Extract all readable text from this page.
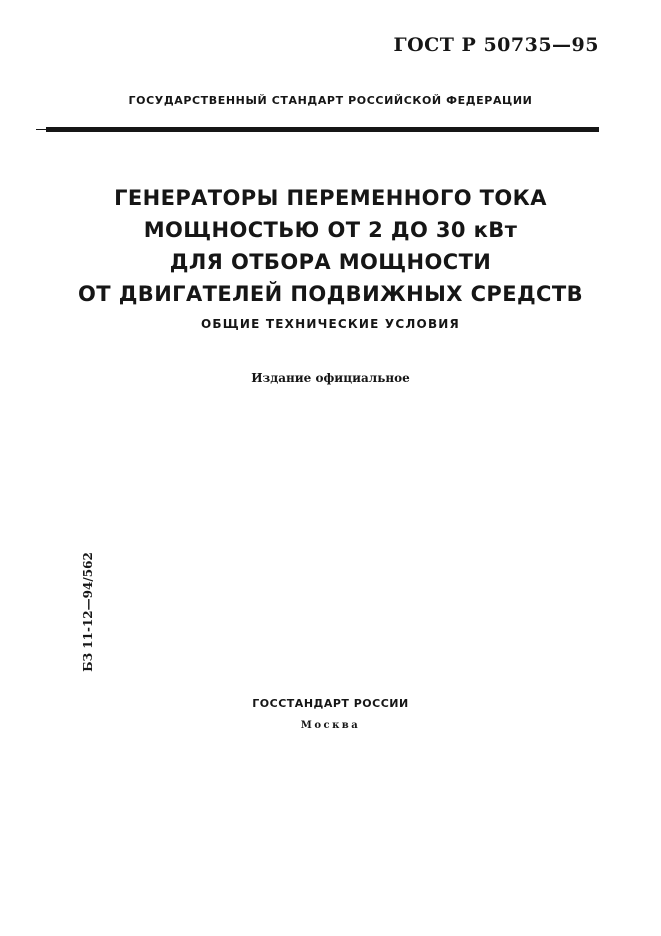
ГОСТ Р 50735—95
ГОСУДАРСТВЕННЫЙ СТАНДАРТ РОССИЙСКОЙ ФЕДЕРАЦИИ
ГЕНЕРАТОРЫ ПЕРЕМЕННОГО ТОКА
МОЩНОСТЬЮ ОТ 2 ДО 30 кВт
ДЛЯ ОТБОРА МОЩНОСТИ
ОТ ДВИГАТЕЛЕЙ ПОДВИЖНЫХ СРЕДСТВ
ОБЩИЕ ТЕХНИЧЕСКИЕ УСЛОВИЯ
Издание официальное
БЗ 11-12—94/562
ГОССТАНДАРТ РОССИИ
Москва
